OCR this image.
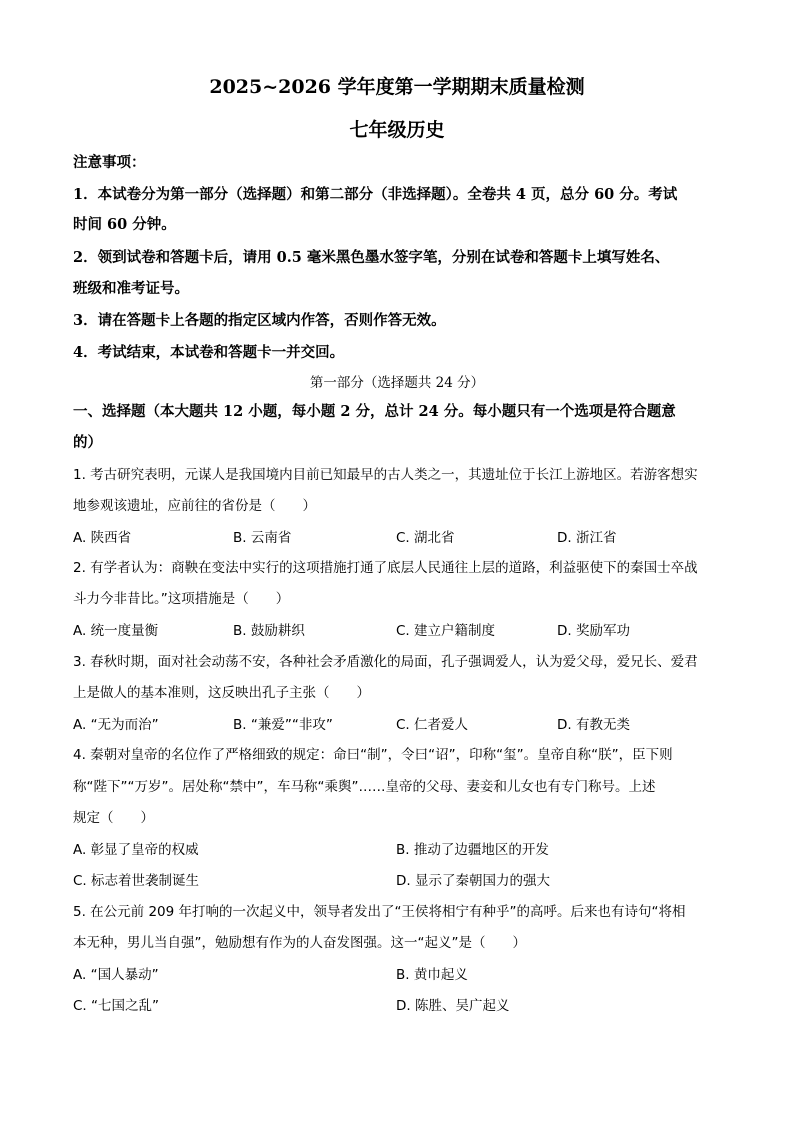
2025~2026 学年度第一学期期末质量检测
七年级历史
注意事项：
1．本试卷分为第一部分（选择题）和第二部分（非选择题）。全卷共 4 页，总分 60 分。考试
时间 60 分钟。
2．领到试卷和答题卡后，请用 0.5 毫米黑色墨水签字笔，分别在试卷和答题卡上填写姓名、
班级和准考证号。
3．请在答题卡上各题的指定区域内作答，否则作答无效。
4．考试结束，本试卷和答题卡一并交回。
第一部分（选择题共 24 分）
一、选择题（本大题共 12 小题，每小题 2 分，总计 24 分。每小题只有一个选项是符合题意
的）
1. 考古研究表明，元谋人是我国境内目前已知最早的古人类之一，其遗址位于长江上游地区。若游客想实
地参观该遗址，应前往的省份是（　　）
A. 陕西省	B. 云南省	C. 湖北省	D. 浙江省
2. 有学者认为：商鞅在变法中实行的这项措施打通了底层人民通往上层的道路，利益驱使下的秦国士卒战
斗力今非昔比。”这项措施是（　　）
A. 统一度量衡	B. 鼓励耕织	C. 建立户籍制度	D. 奖励军功
3. 春秋时期，面对社会动荡不安，各种社会矛盾激化的局面，孔子强调爱人，认为爱父母，爱兄长、爱君
上是做人的基本准则，这反映出孔子主张（　　）
A. “无为而治”	B. “兼爱”“非攻”	C. 仁者爱人	D. 有教无类
4. 秦朝对皇帝的名位作了严格细致的规定：命曰“制”，令曰“诏”，印称“玺”。皇帝自称“朕”，臣下则
称“陛下”“万岁”。居处称“禁中”，车马称“乘舆”……皇帝的父母、妻妾和儿女也有专门称号。上述
规定（　　）
A. 彰显了皇帝的权威	B. 推动了边疆地区的开发
C. 标志着世袭制诞生	D. 显示了秦朝国力的强大
5. 在公元前 209 年打响的一次起义中，领导者发出了“王侯将相宁有种乎”的高呼。后来也有诗句“将相
本无种，男儿当自强”，勉励想有作为的人奋发图强。这一“起义”是（　　）
A. “国人暴动”	B. 黄巾起义
C. “七国之乱”	D. 陈胜、吴广起义
